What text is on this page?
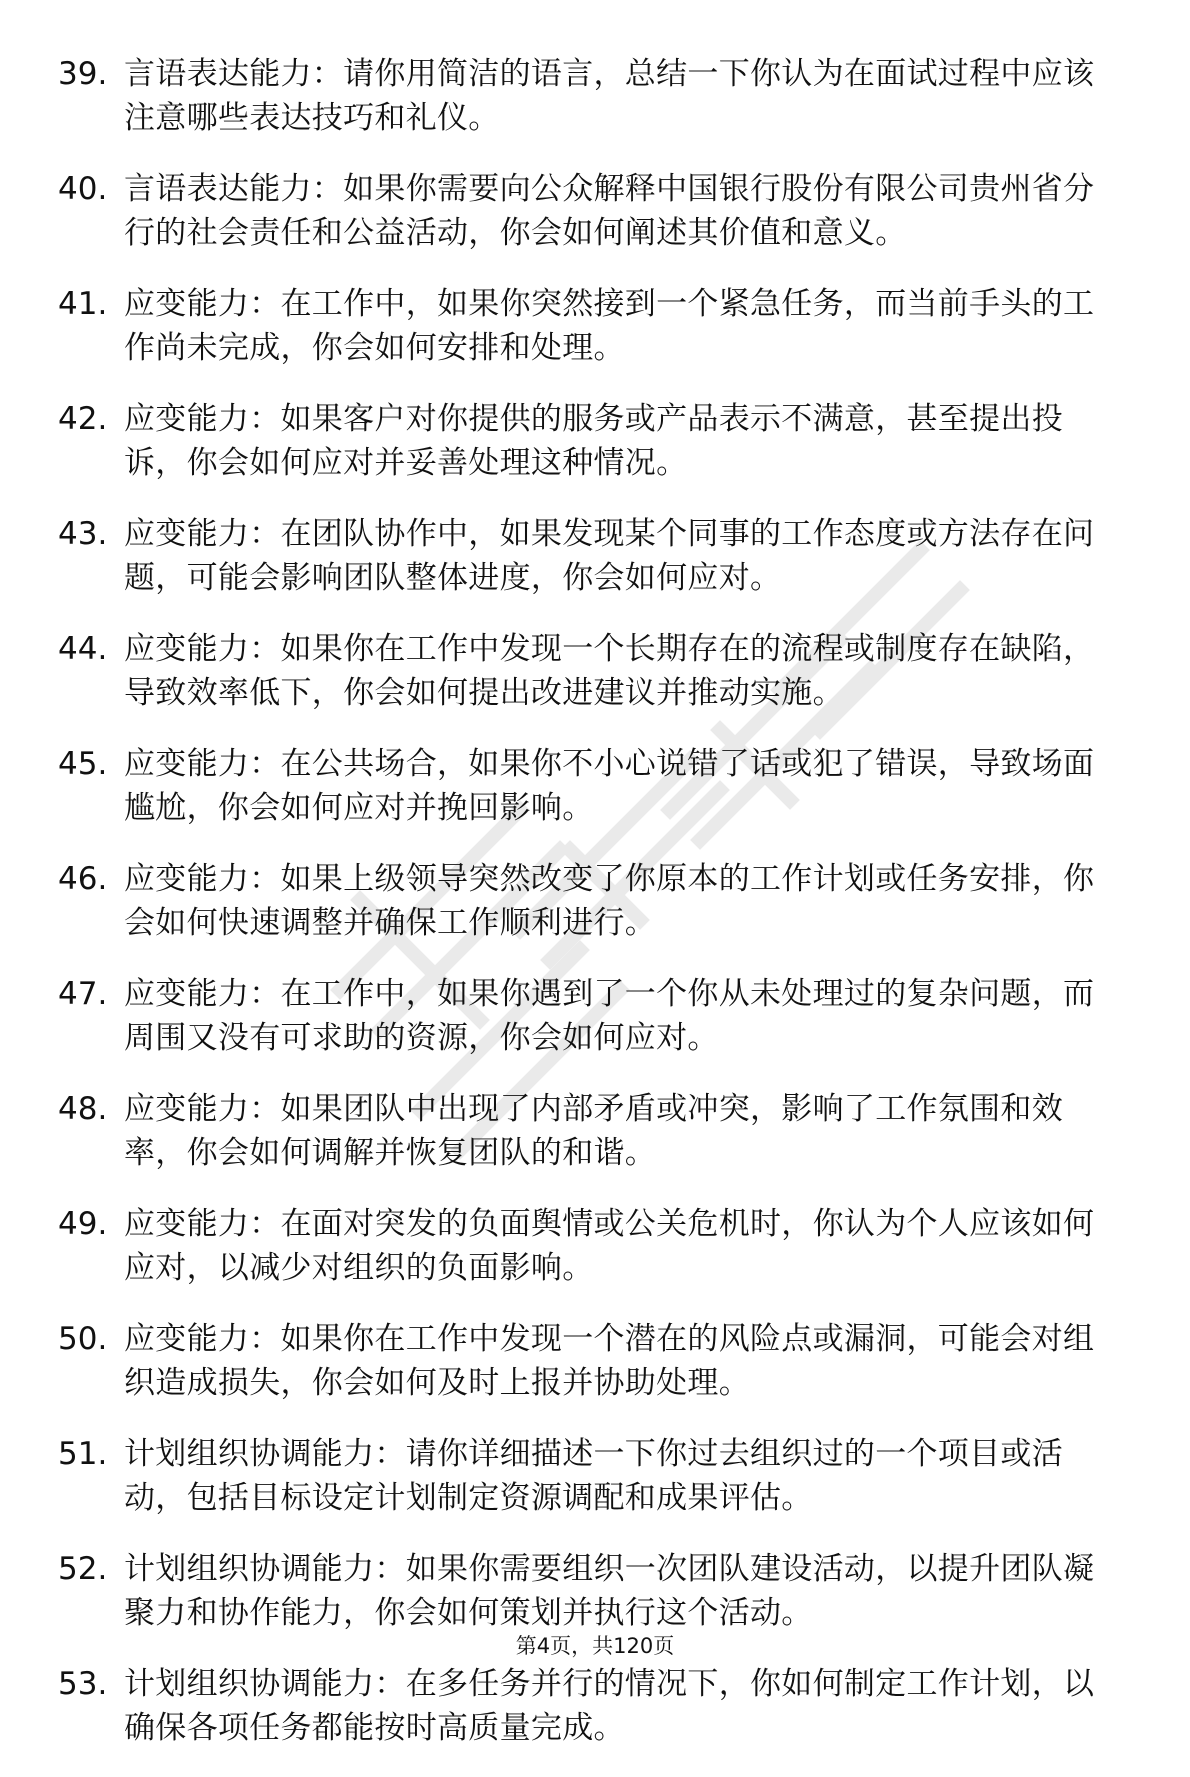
39. 言语表达能力：请你用简洁的语言，总结一下你认为在面试过程中应该注意哪些表达技巧和礼仪。
40. 言语表达能力：如果你需要向公众解释中国银行股份有限公司贵州省分行的社会责任和公益活动，你会如何阐述其价值和意义。
41. 应变能力：在工作中，如果你突然接到一个紧急任务，而当前手头的工作尚未完成，你会如何安排和处理。
42. 应变能力：如果客户对你提供的服务或产品表示不满意，甚至提出投诉，你会如何应对并妥善处理这种情况。
43. 应变能力：在团队协作中，如果发现某个同事的工作态度或方法存在问题，可能会影响团队整体进度，你会如何应对。
44. 应变能力：如果你在工作中发现一个长期存在的流程或制度存在缺陷，导致效率低下，你会如何提出改进建议并推动实施。
45. 应变能力：在公共场合，如果你不小心说错了话或犯了错误，导致场面尴尬，你会如何应对并挽回影响。
46. 应变能力：如果上级领导突然改变了你原本的工作计划或任务安排，你会如何快速调整并确保工作顺利进行。
47. 应变能力：在工作中，如果你遇到了一个你从未处理过的复杂问题，而周围又没有可求助的资源，你会如何应对。
48. 应变能力：如果团队中出现了内部矛盾或冲突，影响了工作氛围和效率，你会如何调解并恢复团队的和谐。
49. 应变能力：在面对突发的负面舆情或公关危机时，你认为个人应该如何应对，以减少对组织的负面影响。
50. 应变能力：如果你在工作中发现一个潜在的风险点或漏洞，可能会对组织造成损失，你会如何及时上报并协助处理。
51. 计划组织协调能力：请你详细描述一下你过去组织过的一个项目或活动，包括目标设定计划制定资源调配和成果评估。
52. 计划组织协调能力：如果你需要组织一次团队建设活动，以提升团队凝聚力和协作能力，你会如何策划并执行这个活动。
53. 计划组织协调能力：在多任务并行的情况下，你如何制定工作计划，以确保各项任务都能按时高质量完成。
第4页，共120页
